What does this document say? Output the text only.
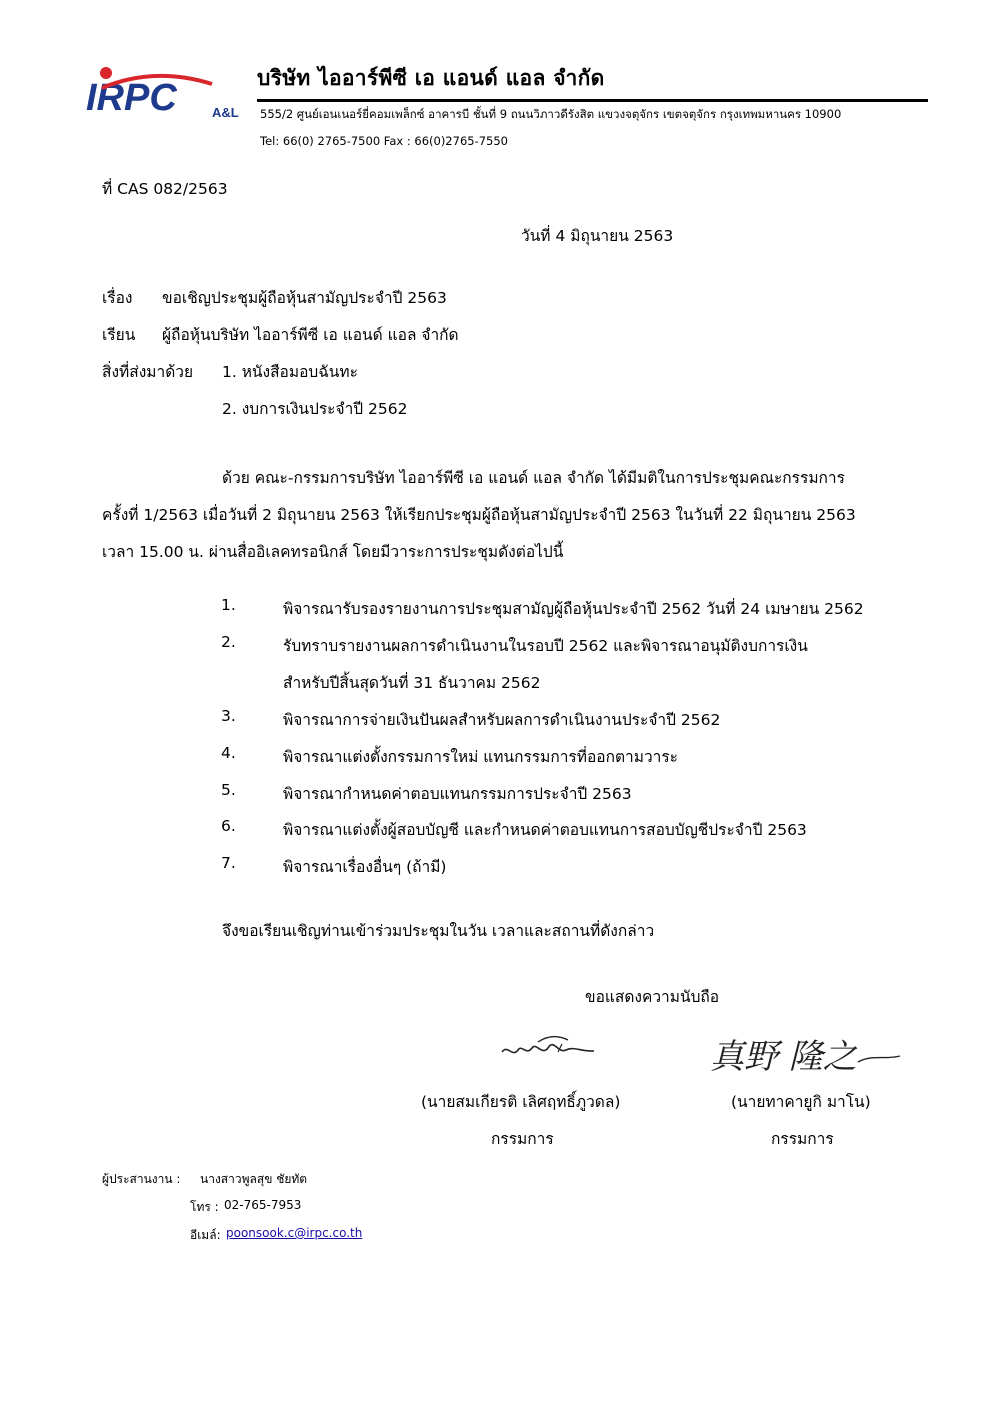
IRPC	A&L
บริษัท ไออาร์พีซี เอ แอนด์ แอล จำกัด
555/2 ศูนย์เอนเนอร์ยี่คอมเพล็กซ์ อาคารบี ชั้นที่ 9 ถนนวิภาวดีรังสิต แขวงจตุจักร เขตจตุจักร กรุงเทพมหานคร 10900
Tel: 66(0) 2765-7500 Fax : 66(0)2765-7550
ที่ CAS 082/2563
วันที่ 4 มิถุนายน 2563
เรื่อง ขอเชิญประชุมผู้ถือหุ้นสามัญประจำปี 2563
เรียน ผู้ถือหุ้นบริษัท ไออาร์พีซี เอ แอนด์ แอล จำกัด
สิ่งที่ส่งมาด้วย 1. หนังสือมอบฉันทะ
2. งบการเงินประจำปี 2562
ด้วย คณะ-กรรมการบริษัท ไออาร์พีซี เอ แอนด์ แอล จำกัด ได้มีมติในการประชุมคณะกรรมการ
ครั้งที่ 1/2563 เมื่อวันที่ 2 มิถุนายน 2563 ให้เรียกประชุมผู้ถือหุ้นสามัญประจำปี 2563 ในวันที่ 22 มิถุนายน 2563
เวลา 15.00 น. ผ่านสื่ออิเลคทรอนิกส์ โดยมีวาระการประชุมดังต่อไปนี้
1.	พิจารณารับรองรายงานการประชุมสามัญผู้ถือหุ้นประจำปี 2562 วันที่ 24 เมษายน 2562
2.	รับทราบรายงานผลการดำเนินงานในรอบปี 2562 และพิจารณาอนุมัติงบการเงิน
สำหรับปีสิ้นสุดวันที่ 31 ธันวาคม 2562
3.	พิจารณาการจ่ายเงินปันผลสำหรับผลการดำเนินงานประจำปี 2562
4.	พิจารณาแต่งตั้งกรรมการใหม่ แทนกรรมการที่ออกตามวาระ
5.	พิจารณากำหนดค่าตอบแทนกรรมการประจำปี 2563
6.	พิจารณาแต่งตั้งผู้สอบบัญชี และกำหนดค่าตอบแทนการสอบบัญชีประจำปี 2563
7.	พิจารณาเรื่องอื่นๆ (ถ้ามี)
จึงขอเรียนเชิญท่านเข้าร่วมประชุมในวัน เวลาและสถานที่ดังกล่าว
ขอแสดงความนับถือ
真野 隆之
(นายสมเกียรติ เลิศฤทธิ์ภูวดล)
กรรมการ
(นายทาคายูกิ มาโน)
กรรมการ
ผู้ประสานงาน : นางสาวพูลสุข ชัยทัต
โทร : 02-765-7953
อีเมล์: poonsook.c@irpc.co.th
